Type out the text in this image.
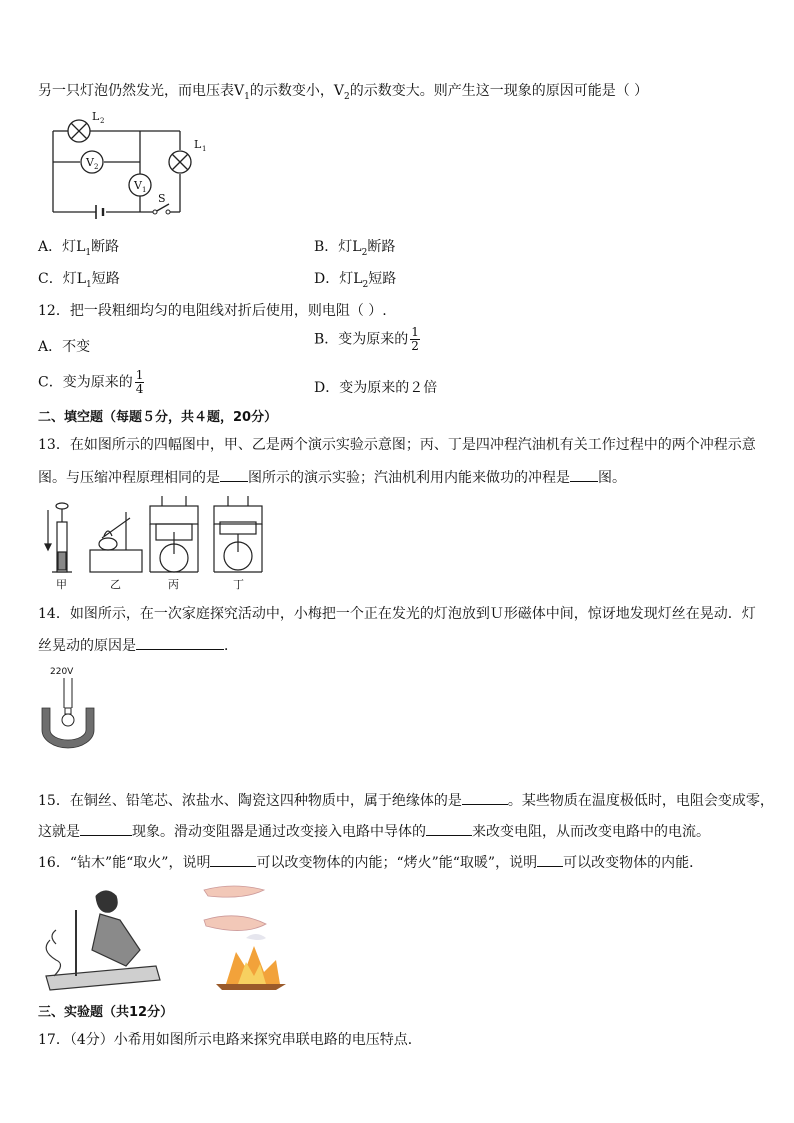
另一只灯泡仍然发光，而电压表$V_1$的示数变小，$V_2$的示数变大。则产生这一现象的原因可能是（ ）
L 2
L 1
V 2
V 1
S
A．灯$L_1$断路	B．灯$L_2$断路
C．灯$L_1$短路	D．灯$L_2$短路
12．把一段粗细均匀的电阻线对折后使用，则电阻（ ）.
A．不变	B．变为原来的 $\frac{1}{2}$
C．变为原来的 $\frac{1}{4}$	D．变为原来的２倍
二、填空题（每题５分，共４题，20分）
13．在如图所示的四幅图中，甲、乙是两个演示实验示意图；丙、丁是四冲程汽油机有关工作过程中的两个冲程示意
图。与压缩冲程原理相同的是 图所示的演示实验；汽油机利用内能来做功的冲程是 图。
甲	乙	丙	丁
14．如图所示，在一次家庭探究活动中，小梅把一个正在发光的灯泡放到Ｕ形磁体中间，惊讶地发现灯丝在晃动．灯
丝晃动的原因是	．
220V
15．在铜丝、铅笔芯、浓盐水、陶瓷这四种物质中，属于绝缘体的是	。某些物质在温度极低时，电阻会变成零，
这就是	现象。滑动变阻器是通过改变接入电路中导体的	来改变电阻，从而改变电路中的电流。
16．“钻木”能“取火”，说明	可以改变物体的内能；“烤火”能“取暖”，说明 可以改变物体的内能．
三、实验题（共12分）
17．（4分）小希用如图所示电路来探究串联电路的电压特点．
